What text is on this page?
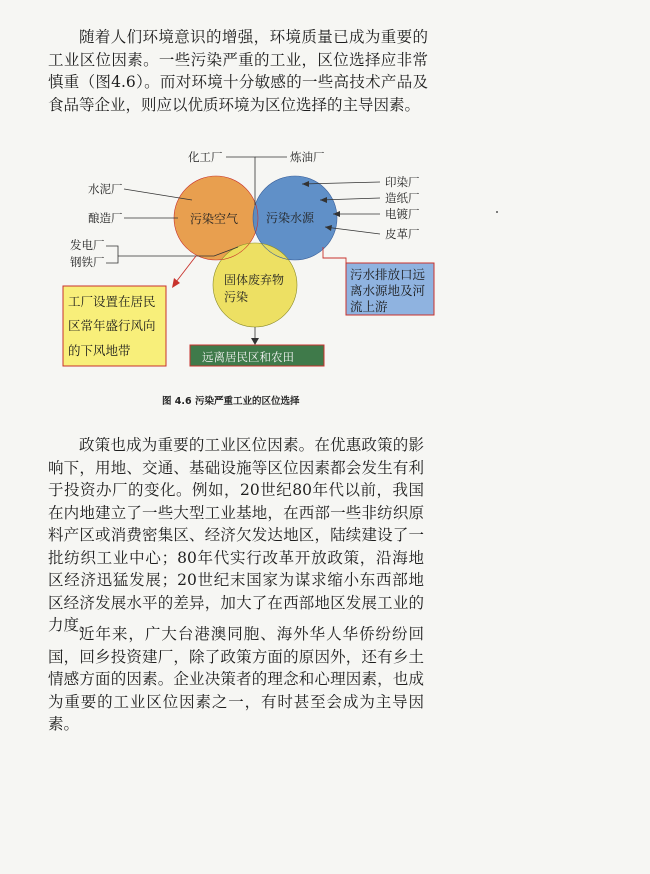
随着人们环境意识的增强，环境质量已成为重要的工业区位因素。一些污染严重的工业，区位选择应非常慎重（图4.6）。而对环境十分敏感的一些高技术产品及食品等企业，则应以优质环境为区位选择的主导因素。

污染空气 污染水源
固体废弃物
污染
化工厂	炼油厂
水泥厂
酿造厂
发电厂
钢铁厂
印染厂
造纸厂
电镀厂
皮革厂
工厂设置在居民
区常年盛行风向
的下风地带
污水排放口远
离水源地及河
流上游
远离居民区和农田
图 4.6 污染严重工业的区位选择

政策也成为重要的工业区位因素。在优惠政策的影响下，用地、交通、基础设施等区位因素都会发生有利于投资办厂的变化。例如，20世纪80年代以前，我国在内地建立了一些大型工业基地，在西部一些非纺织原料产区或消费密集区、经济欠发达地区，陆续建设了一批纺织工业中心；80年代实行改革开放政策，沿海地区经济迅猛发展；20世纪末国家为谋求缩小东西部地区经济发展水平的差异，加大了在西部地区发展工业的力度。

近年来，广大台港澳同胞、海外华人华侨纷纷回国，回乡投资建厂，除了政策方面的原因外，还有乡土情感方面的因素。企业决策者的理念和心理因素，也成为重要的工业区位因素之一，有时甚至会成为主导因素。
